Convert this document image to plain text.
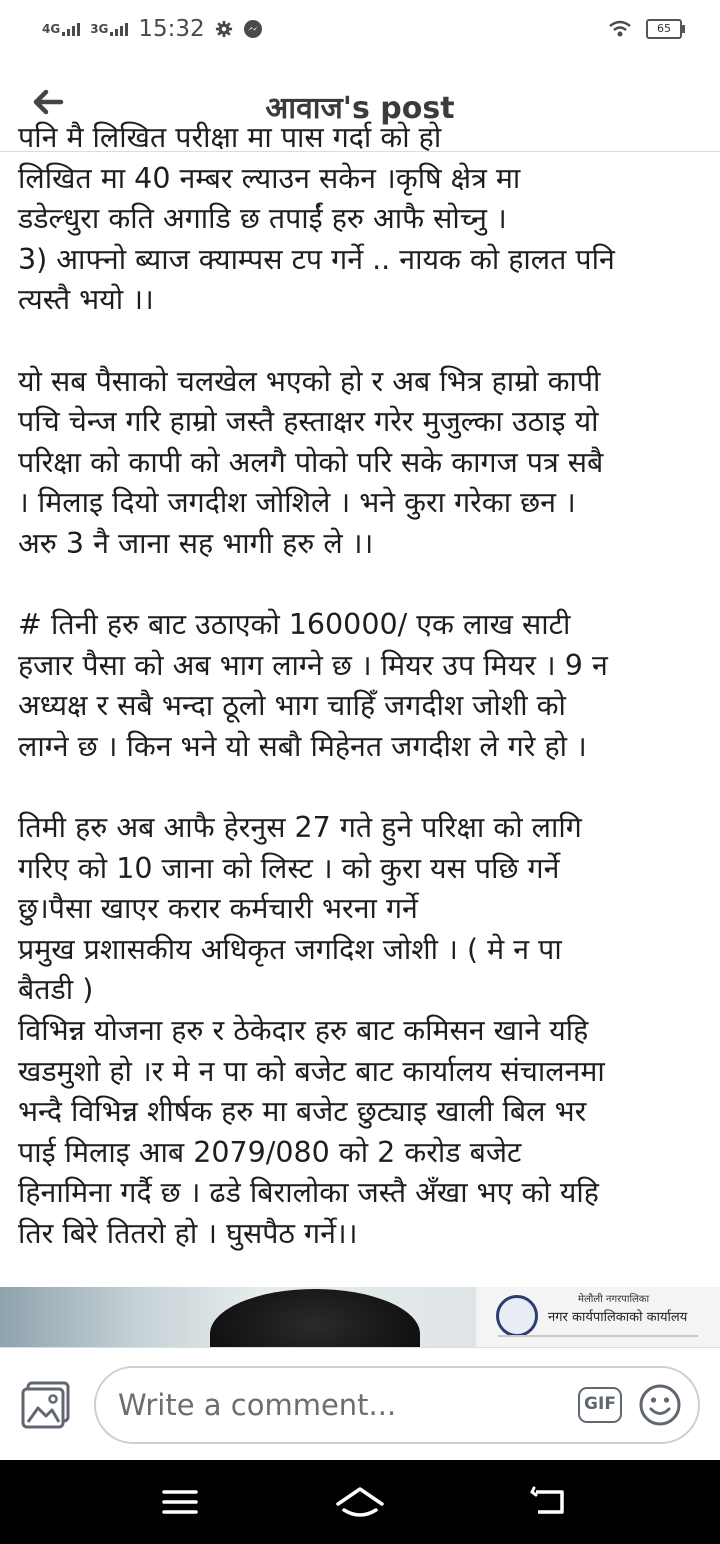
4G	3G 15:32	65
आवाज's post

पनि मै लिखित परीक्षा मा पास गर्दा को हो
लिखित मा 40 नम्बर ल्याउन सकेन ।कृषि क्षेत्र मा
डडेल्धुरा कति अगाडि छ तपाईं हरु आफै सोच्नु ।
3) आफ्नो ब्याज क्याम्पस टप गर्ने .. नायक को हालत पनि
त्यस्तै भयो ।।

यो सब पैसाको चलखेल भएको हो र अब भित्र हाम्रो कापी
पचि चेन्ज गरि हाम्रो जस्तै हस्ताक्षर गरेर मुजुल्का उठाइ यो
परिक्षा को कापी को अलगै पोको परि सके कागज पत्र सबै
। मिलाइ दियो जगदीश जोशिले । भने कुरा गरेका छन ।
अरु 3 नै जाना सह भागी हरु ले ।।

# तिनी हरु बाट उठाएको 160000/ एक लाख साटी
हजार पैसा को अब भाग लाग्ने छ । मियर उप मियर । 9 न
अध्यक्ष र सबै भन्दा ठूलो भाग चाहिँ जगदीश जोशी को
लाग्ने छ । किन भने यो सबौ मिहेनत जगदीश ले गरे हो ।

तिमी हरु अब आफै हेरनुस 27 गते हुने परिक्षा को लागि
गरिए को 10 जाना को लिस्ट । को कुरा यस पछि गर्ने
छु।पैसा खाएर करार कर्मचारी भरना गर्ने
प्रमुख प्रशासकीय अधिकृत जगदिश जोशी । ( मे न पा
बैतडी )
विभिन्न योजना हरु र ठेकेदार हरु बाट कमिसन खाने यहि
खडमुशो हो ।र मे न पा को बजेट बाट कार्यालय संचालनमा
भन्दै विभिन्न शीर्षक हरु मा बजेट छुट्याइ खाली बिल भर
पाई मिलाइ आब 2079/080 को 2 करोड बजेट
हिनामिना गर्दै छ । ढडे बिरालोका जस्तै अँखा भए को यहि
तिर बिरे तितरो हो । घुसपैठ गर्ने।।

मेलौली नगरपालिका
नगर कार्यपालिकाको कार्यालय
Write a comment...	GIF
